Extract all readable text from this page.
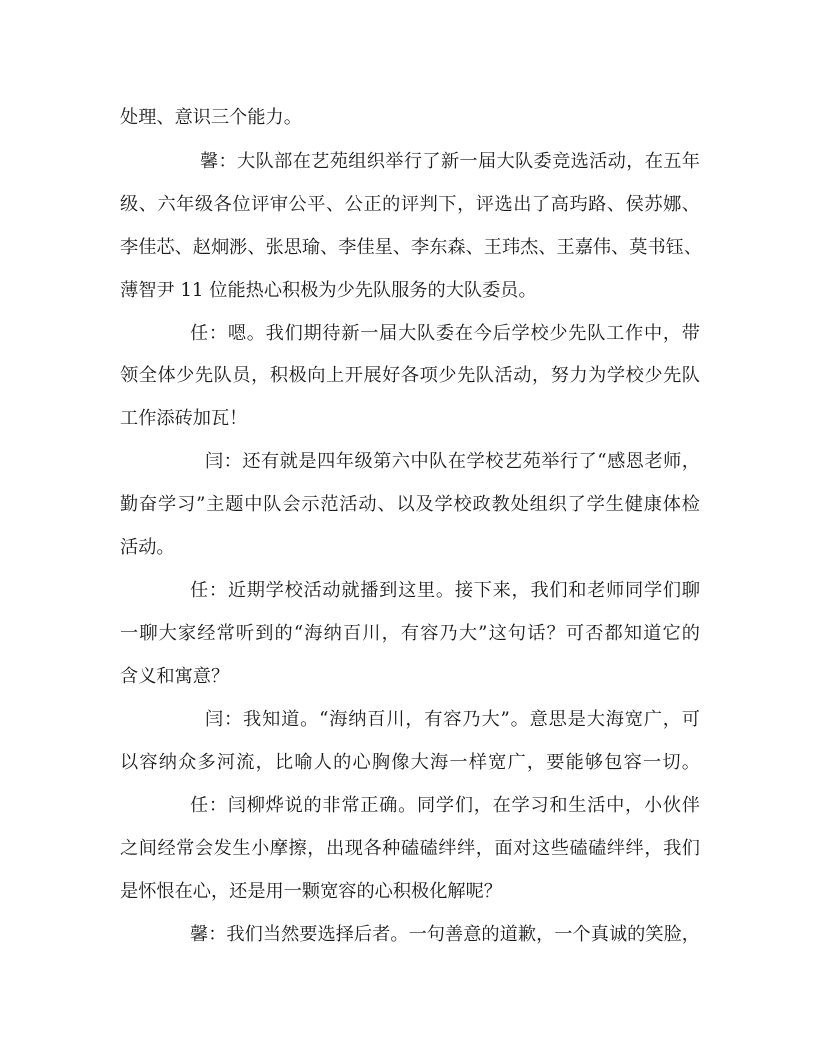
处理、意识三个能力。
馨：大队部在艺苑组织举行了新一届大队委竞选活动，在五年
级、六年级各位评审公平、公正的评判下，评选出了高玙路、侯苏娜、
李佳芯、赵炯浵、张思瑜、李佳星、李东森、王玮杰、王嘉伟、莫书钰、
薄智尹 11 位能热心积极为少先队服务的大队委员。
任：嗯。我们期待新一届大队委在今后学校少先队工作中，带
领全体少先队员，积极向上开展好各项少先队活动，努力为学校少先队
工作添砖加瓦！
闫：还有就是四年级第六中队在学校艺苑举行了“感恩老师，
勤奋学习”主题中队会示范活动、以及学校政教处组织了学生健康体检
活动。
任：近期学校活动就播到这里。接下来，我们和老师同学们聊
一聊大家经常听到的“海纳百川，有容乃大”这句话？可否都知道它的
含义和寓意？
闫：我知道。“海纳百川，有容乃大”。意思是大海宽广，可
以容纳众多河流，比喻人的心胸像大海一样宽广，要能够包容一切。
任：闫柳烨说的非常正确。同学们，在学习和生活中，小伙伴
之间经常会发生小摩擦，出现各种磕磕绊绊，面对这些磕磕绊绊，我们
是怀恨在心，还是用一颗宽容的心积极化解呢？
馨：我们当然要选择后者。一句善意的道歉，一个真诚的笑脸，
